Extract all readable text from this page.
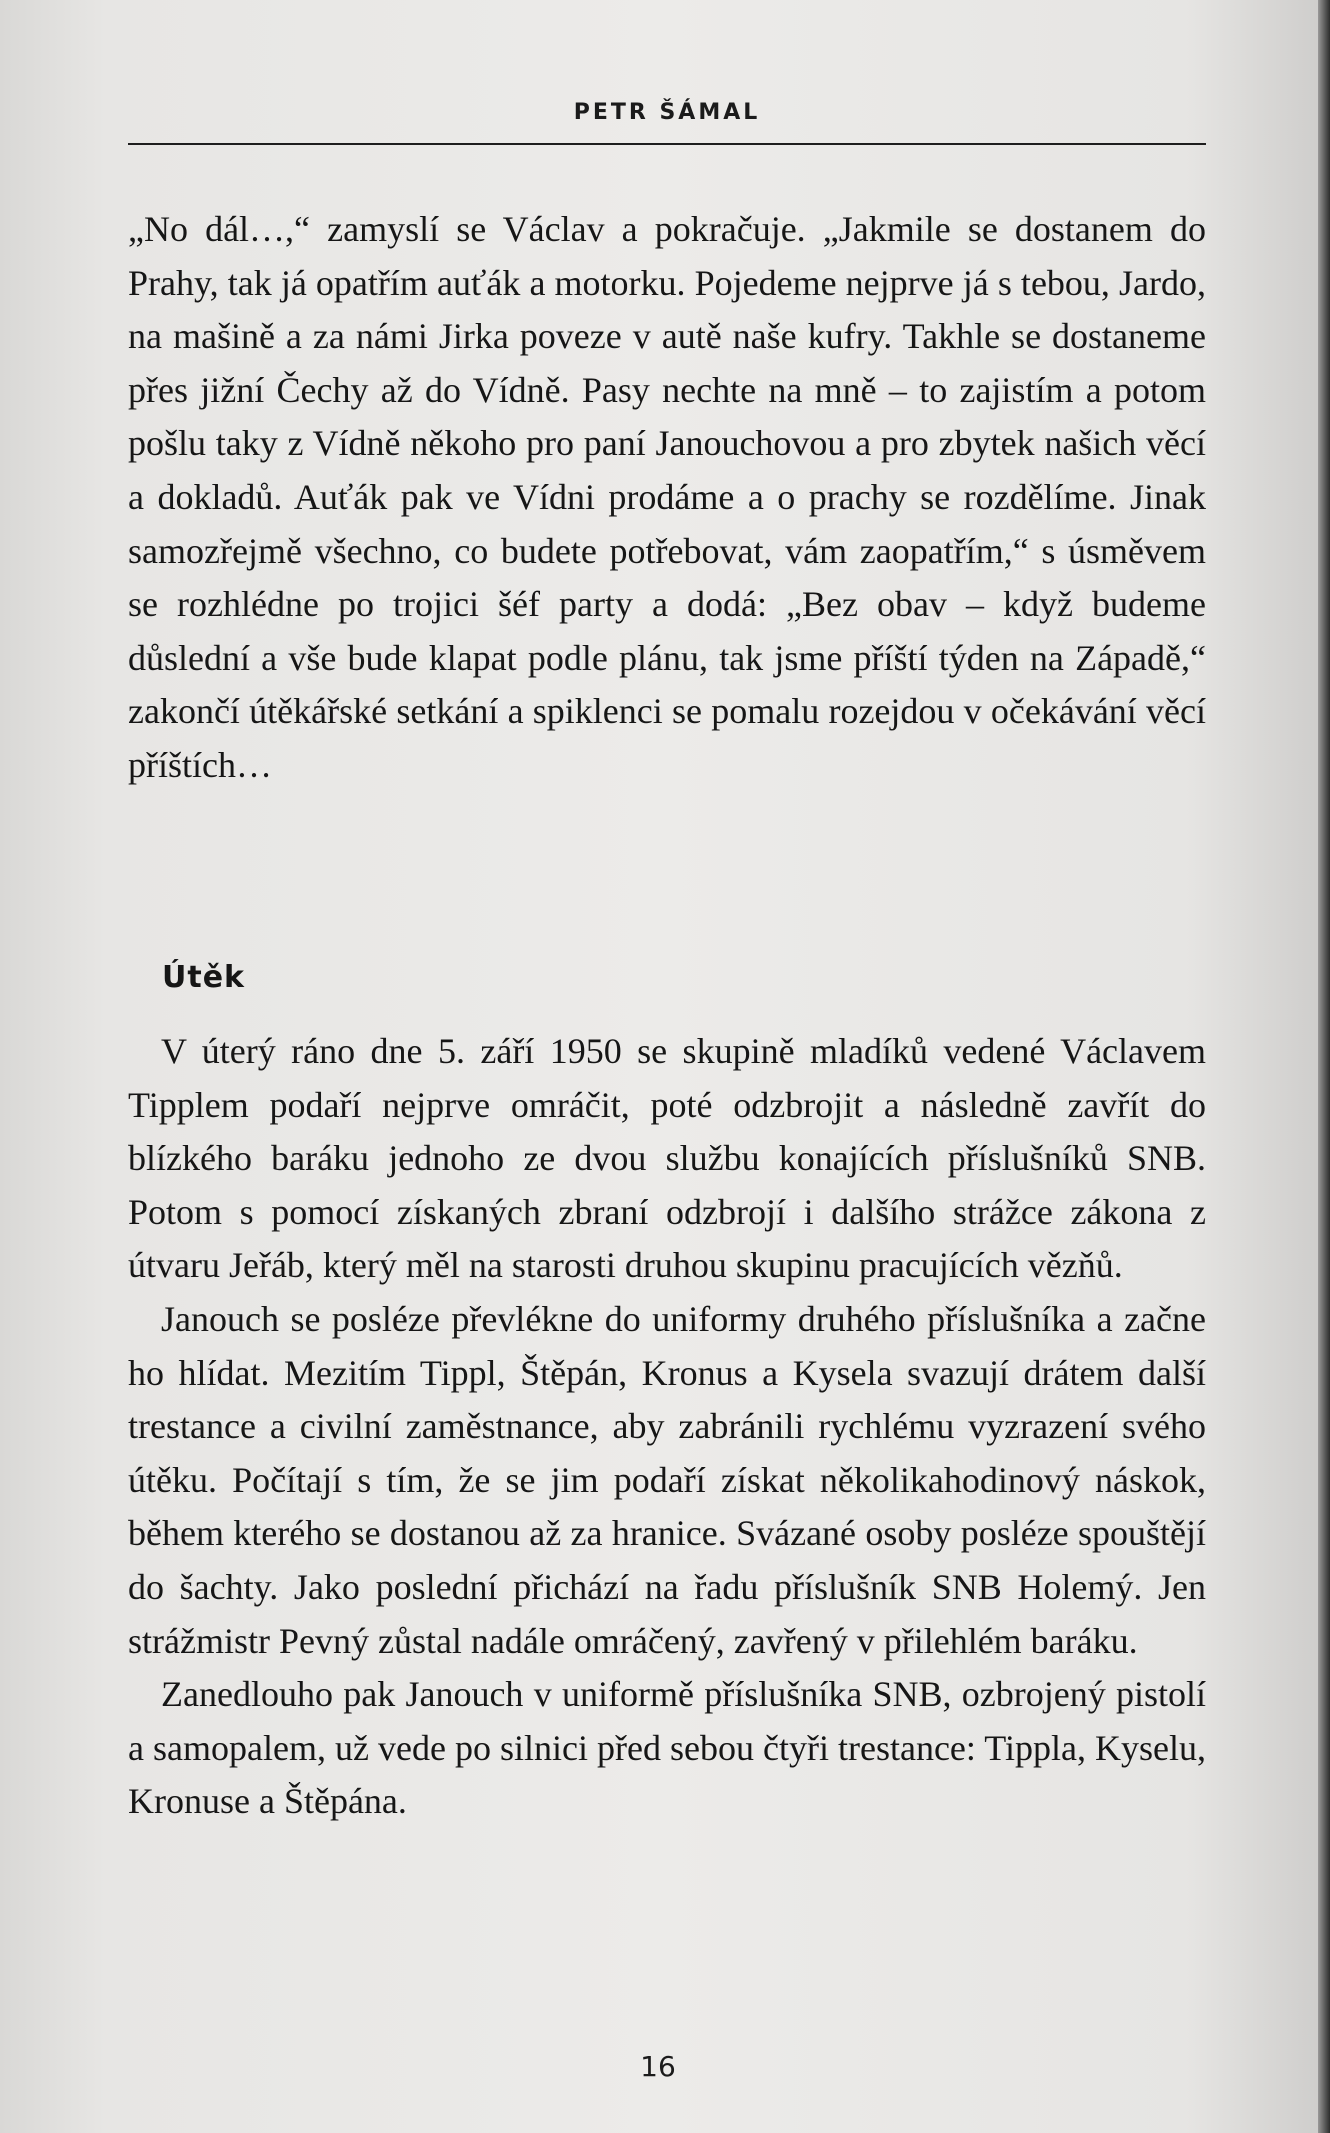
PETR ŠÁMAL

„No dál…,“ zamyslí se Václav a pokračuje. „Jakmile se dostanem do Prahy, tak já opatřím auťák a motorku. Pojedeme nejprve já s tebou, Jardo, na mašině a za námi Jirka poveze v autě naše kufry. Takhle se dostaneme přes jižní Čechy až do Vídně. Pasy nechte na mně – to zajistím a potom pošlu taky z Vídně někoho pro paní Janouchovou a pro zbytek našich věcí a dokladů. Auťák pak ve Vídni prodáme a o prachy se rozdělíme. Jinak samozřejmě všechno, co budete potřebovat, vám zaopatřím,“ s úsměvem se rozhlédne po trojici šéf party a dodá: „Bez obav – když budeme důslední a vše bude klapat podle plánu, tak jsme příští týden na Západě,“ zakončí útěkářské setkání a spiklenci se pomalu rozejdou v očekávání věcí příštích…

Útěk

V úterý ráno dne 5. září 1950 se skupině mladíků vedené Václavem Tipplem podaří nejprve omráčit, poté odzbrojit a následně zavřít do blízkého baráku jednoho ze dvou službu konajících příslušníků SNB. Potom s pomocí získaných zbraní odzbrojí i dalšího strážce zákona z útvaru Jeřáb, který měl na starosti druhou skupinu pracujících vězňů.

Janouch se posléze převlékne do uniformy druhého příslušníka a začne ho hlídat. Mezitím Tippl, Štěpán, Kronus a Kysela svazují drátem další trestance a civilní zaměstnance, aby zabránili rychlému vyzrazení svého útěku. Počítají s tím, že se jim podaří získat několikahodinový náskok, během kterého se dostanou až za hranice. Svázané osoby posléze spouštějí do šachty. Jako poslední přichází na řadu příslušník SNB Holemý. Jen strážmistr Pevný zůstal nadále omráčený, zavřený v přilehlém baráku.

Zanedlouho pak Janouch v uniformě příslušníka SNB, ozbrojený pistolí a samopalem, už vede po silnici před sebou čtyři trestance: Tippla, Kyselu, Kronuse a Štěpána.

16
